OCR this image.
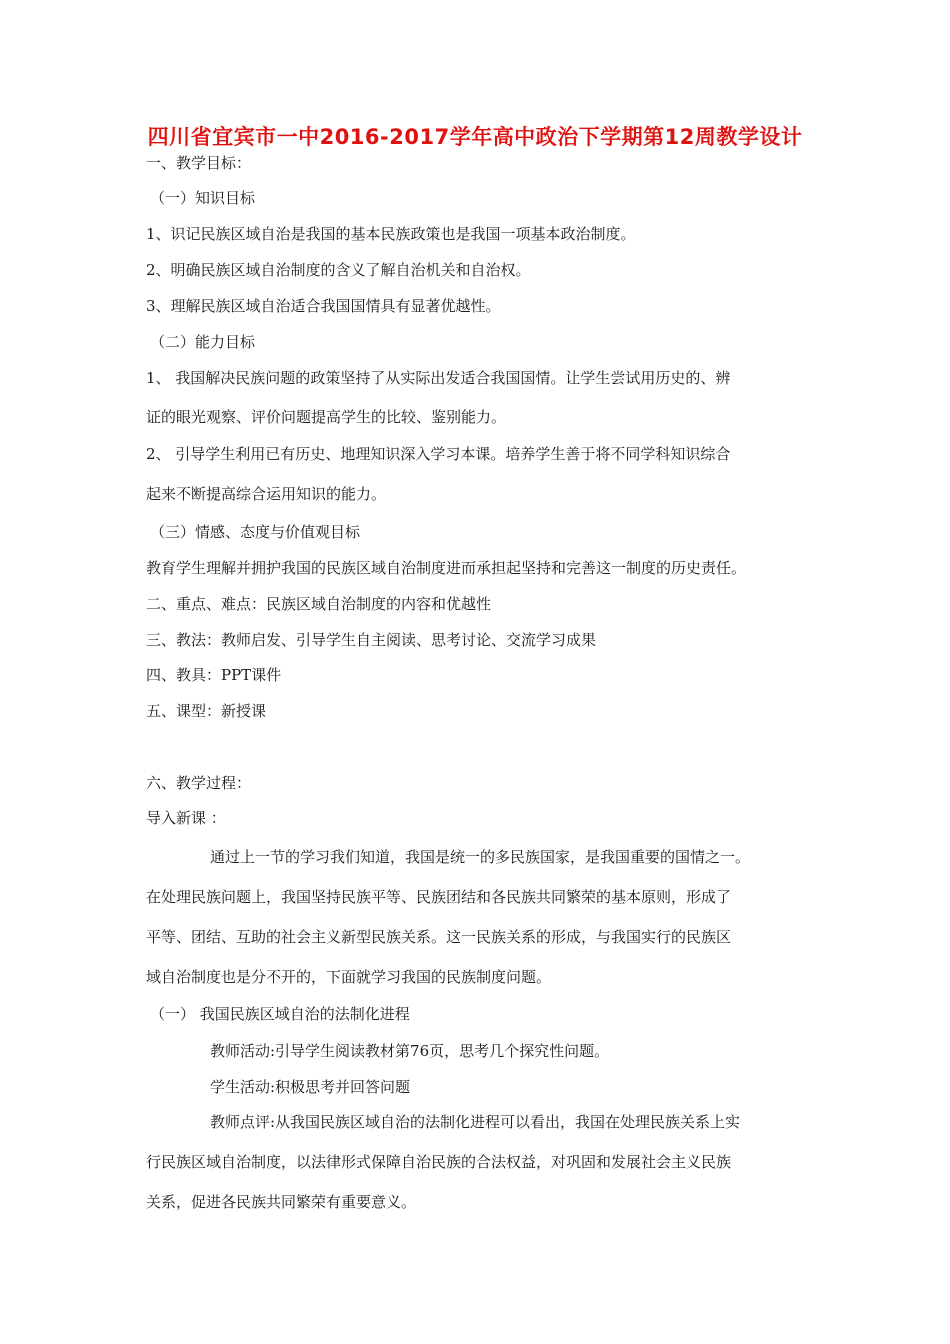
四川省宜宾市一中2016-2017学年高中政治下学期第12周教学设计
一、教学目标：
（一）知识目标
1、识记民族区域自治是我国的基本民族政策也是我国一项基本政治制度。
2、明确民族区域自治制度的含义了解自治机关和自治权。
3、理解民族区域自治适合我国国情具有显著优越性。
（二）能力目标
1、 我国解决民族问题的政策坚持了从实际出发适合我国国情。让学生尝试用历史的、辨
证的眼光观察、评价问题提高学生的比较、鉴别能力。
2、 引导学生利用已有历史、地理知识深入学习本课。培养学生善于将不同学科知识综合
起来不断提高综合运用知识的能力。
（三）情感、态度与价值观目标
教育学生理解并拥护我国的民族区域自治制度进而承担起坚持和完善这一制度的历史责任。
二、重点、难点：民族区域自治制度的内容和优越性
三、教法：教师启发、引导学生自主阅读、思考讨论、交流学习成果
四、教具：PPT课件
五、课型：新授课
六、教学过程：
导入新课 ：
通过上一节的学习我们知道，我国是统一的多民族国家，是我国重要的国情之一。
在处理民族问题上，我国坚持民族平等、民族团结和各民族共同繁荣的基本原则，形成了
平等、团结、互助的社会主义新型民族关系。这一民族关系的形成，与我国实行的民族区
域自治制度也是分不开的，下面就学习我国的民族制度问题。
（一） 我国民族区域自治的法制化进程
教师活动:引导学生阅读教材第76页，思考几个探究性问题。
学生活动:积极思考并回答问题
教师点评:从我国民族区域自治的法制化进程可以看出，我国在处理民族关系上实
行民族区域自治制度，以法律形式保障自治民族的合法权益，对巩固和发展社会主义民族
关系，促进各民族共同繁荣有重要意义。
